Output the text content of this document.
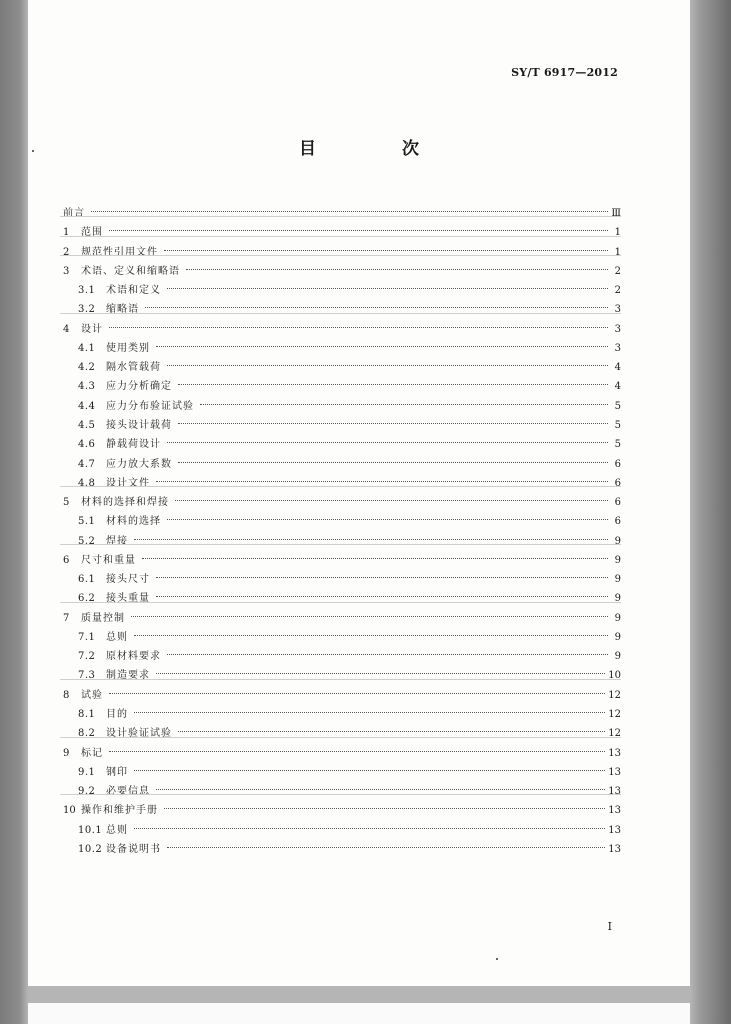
SY/T 6917—2012
目 次
前言	Ⅲ
1	范围	1
2	规范性引用文件	1
3	术语、定义和缩略语	2
3.1	术语和定义	2
3.2	缩略语	3
4	设计	3
4.1	使用类别	3
4.2	隔水管载荷	4
4.3	应力分析确定	4
4.4	应力分布验证试验	5
4.5	接头设计载荷	5
4.6	静载荷设计	5
4.7	应力放大系数	6
4.8	设计文件	6
5	材料的选择和焊接	6
5.1	材料的选择	6
5.2	焊接	9
6	尺寸和重量	9
6.1	接头尺寸	9
6.2	接头重量	9
7	质量控制	9
7.1	总则	9
7.2	原材料要求	9
7.3	制造要求	10
8	试验	12
8.1	目的	12
8.2	设计验证试验	12
9	标记	13
9.1	钢印	13
9.2	必要信息	13
10 操作和维护手册	13
10.1 总则	13
10.2 设备说明书	13
I
